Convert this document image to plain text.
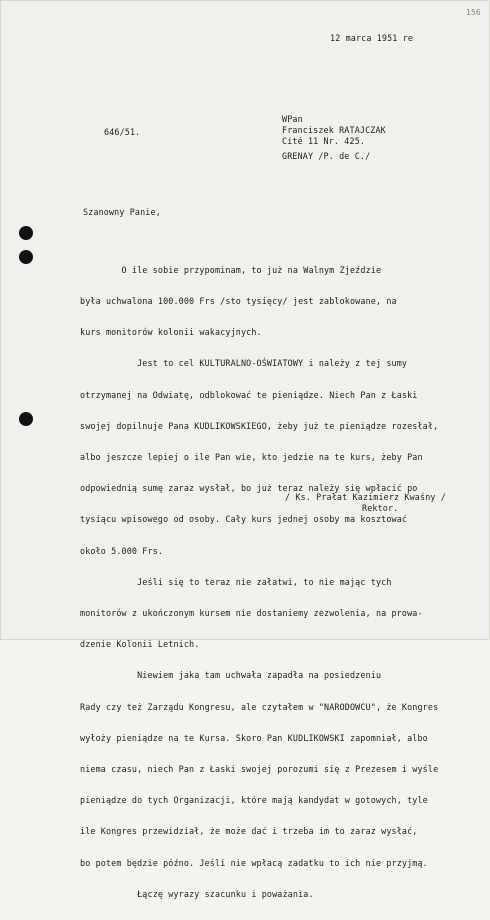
156
12 marca 1951 re
646/51.
WPan
Franciszek RATAJCZAK
Cité 11 Nr. 425.
GRENAY /P. de C./
Szanowny Panie,

O ile sobie przypominam, to już na Walnym Zjeździe

była uchwalona 100.000 Frs /sto tysięcy/ jest zablokowane, na

kurs monitorów kolonii wakacyjnych.

Jest to cel KULTURALNO-OŚWIATOWY i należy z tej sumy

otrzymanej na Odwiatę, odblokować te pieniądze. Niech Pan z Łaski

swojej dopilnuje Pana KUDLIKOWSKIEGO, żeby już te pieniądze rozesłał,

albo jeszcze lepiej o ile Pan wie, kto jedzie na te kurs, żeby Pan

odpowiednią sumę zaraz wysłał, bo już teraz należy się wpłacić po

tysiącu wpisowego od osoby. Cały kurs jednej osoby ma kosztować

około 5.000 Frs.

Jeśli się to teraz nie załatwi, to nie mając tych

monitorów z ukończonym kursem nie dostaniemy zezwolenia, na prowa-

dzenie Kolonii Letnich.

Niewiem jaka tam uchwała zapadła na posiedzeniu

Rady czy też Zarządu Kongresu, ale czytałem w "NARODOWCU", że Kongres

wyłoży pieniądze na te Kursa. Skoro Pan KUDLIKOWSKI zapomniał, albo

niema czasu, niech Pan z Łaski swojej porozumi się z Prezesem i wyśle

pieniądze do tych Organizacji, które mają kandydat w gotowych, tyle

ile Kongres przewidział, że może dać i trzeba im to zaraz wysłać,

bo potem będzie późno. Jeśli nie wpłacą zadatku to ich nie przyjmą.

Łączę wyrazy szacunku i poważania.

/ Ks. Prałat Kazimierz Kwaśny /
Rektor.
